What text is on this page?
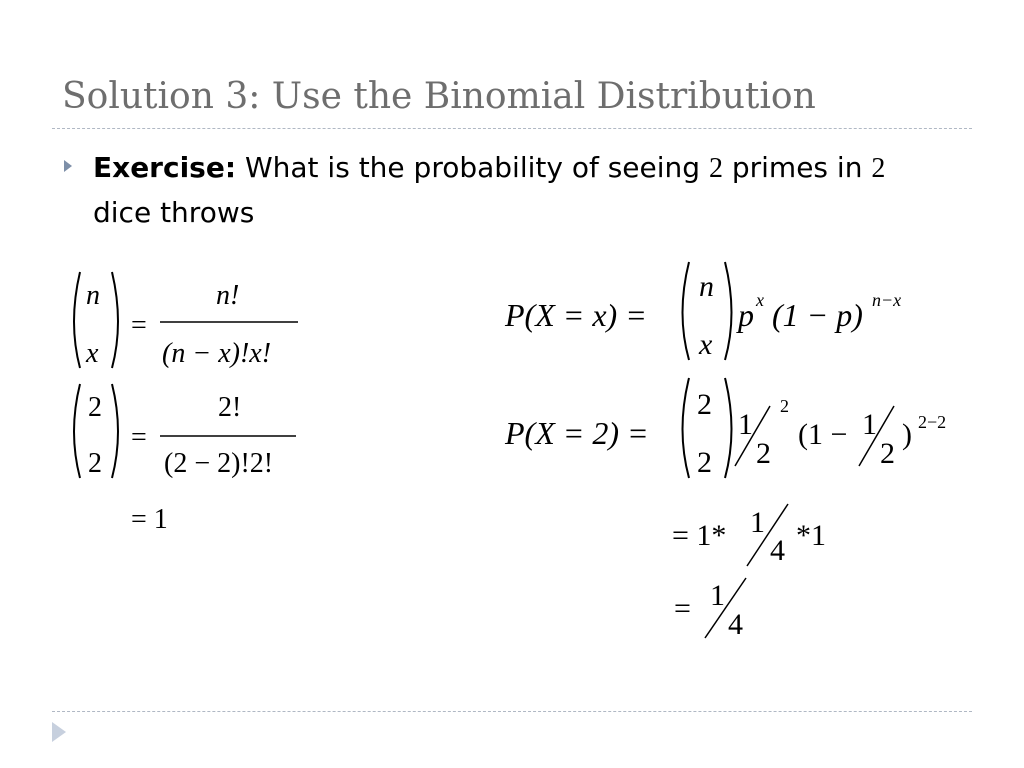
Solution 3: Use the Binomial Distribution
Exercise: What is the probability of seeing 2 primes in 2
dice throws
n
x
=
n!
(n − x)!x!
2
2
=
2!
(2 − 2)!2!
= 1
P(X = x) =
n
x
p x (1 − p) n−x
P(X = 2) =
2
2
1
2
2
(1 − 1
2
) 2−2
= 1* 1
4 *1
= 1
4
